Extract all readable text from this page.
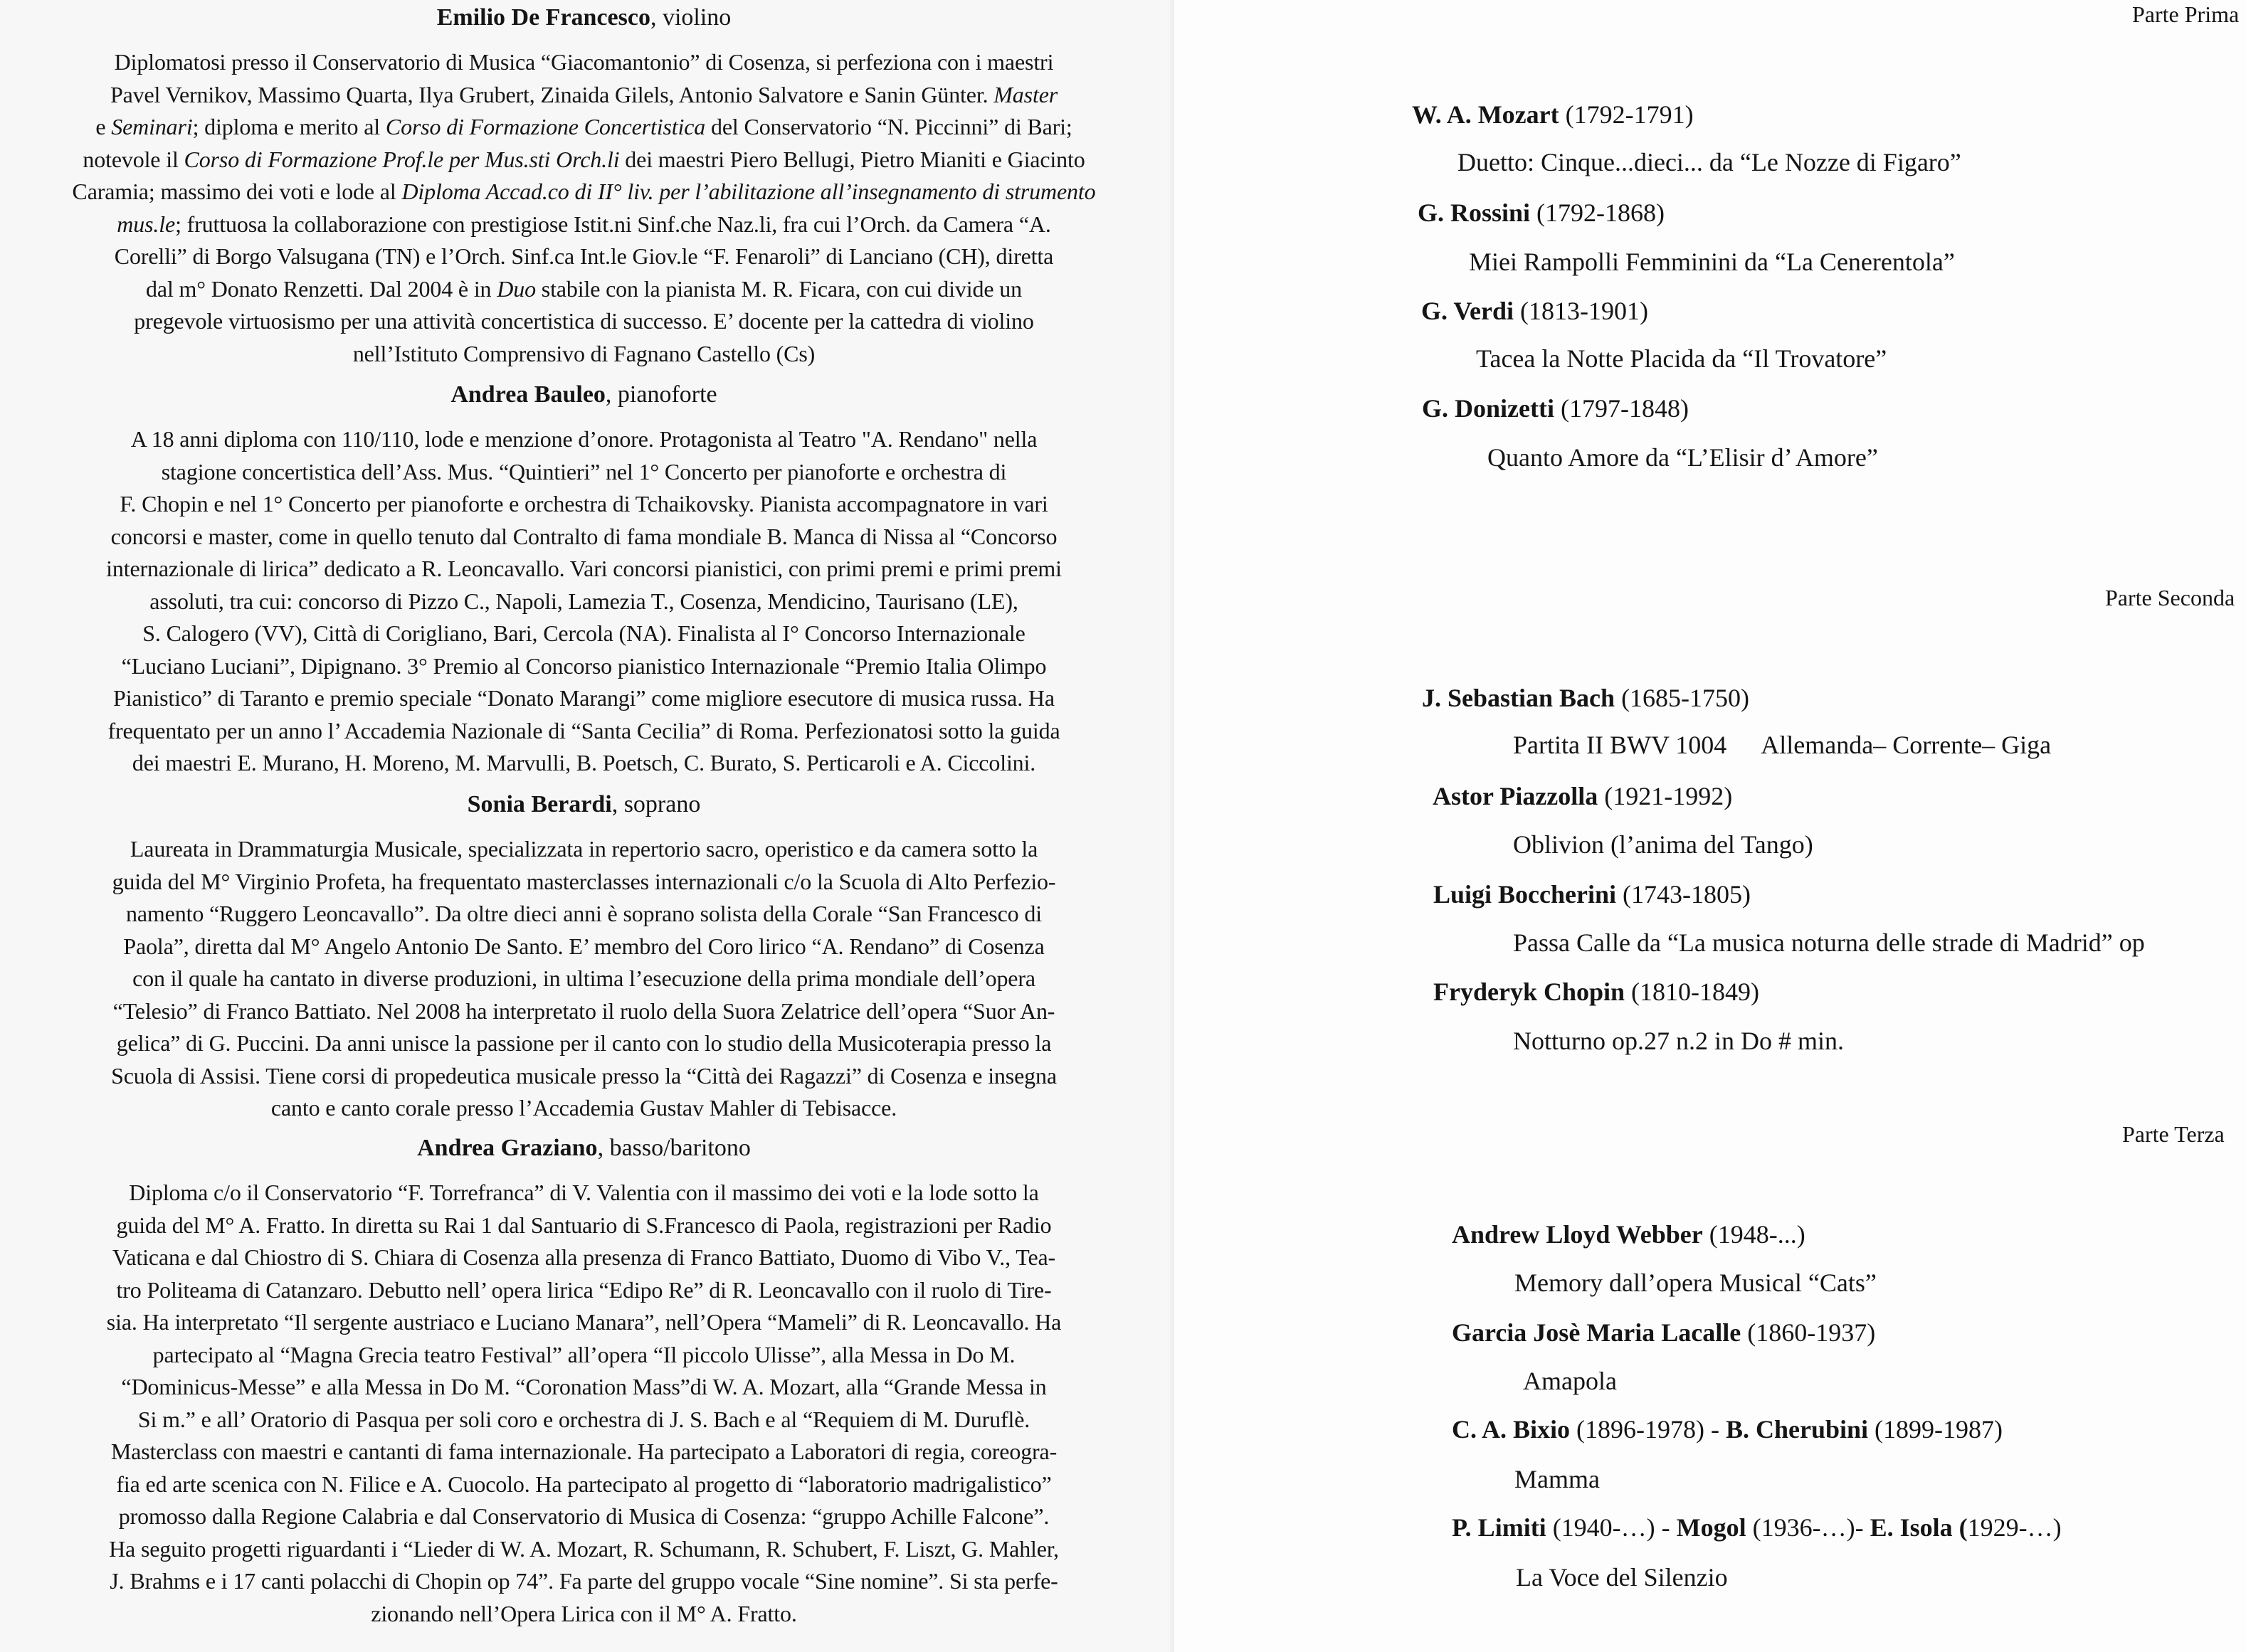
Emilio De Francesco, violino

Diplomatosi presso il Conservatorio di Musica “Giacomantonio” di Cosenza, si perfeziona con i maestri
Pavel Vernikov, Massimo Quarta, Ilya Grubert, Zinaida Gilels, Antonio Salvatore e Sanin Günter. Master
e Seminari; diploma e merito al Corso di Formazione Concertistica del Conservatorio “N. Piccinni” di Bari;
notevole il Corso di Formazione Prof.le per Mus.sti Orch.li dei maestri Piero Bellugi, Pietro Mianiti e Giacinto
Caramia; massimo dei voti e lode al Diploma Accad.co di II° liv. per l’abilitazione all’insegnamento di strumento
mus.le; fruttuosa la collaborazione con prestigiose Istit.ni Sinf.che Naz.li, fra cui l’Orch. da Camera “A.
Corelli” di Borgo Valsugana (TN) e l’Orch. Sinf.ca Int.le Giov.le “F. Fenaroli” di Lanciano (CH), diretta
dal m° Donato Renzetti. Dal 2004 è in Duo stabile con la pianista M. R. Ficara, con cui divide un
pregevole virtuosismo per una attività concertistica di successo. E’ docente per la cattedra di violino
nell’Istituto Comprensivo di Fagnano Castello (Cs)

Andrea Bauleo, pianoforte

A 18 anni diploma con 110/110, lode e menzione d’onore. Protagonista al Teatro "A. Rendano" nella
stagione concertistica dell’Ass. Mus. “Quintieri” nel 1° Concerto per pianoforte e orchestra di
F. Chopin e nel 1° Concerto per pianoforte e orchestra di Tchaikovsky. Pianista accompagnatore in vari
concorsi e master, come in quello tenuto dal Contralto di fama mondiale B. Manca di Nissa al “Concorso
internazionale di lirica” dedicato a R. Leoncavallo. Vari concorsi pianistici, con primi premi e primi premi
assoluti, tra cui: concorso di Pizzo C., Napoli, Lamezia T., Cosenza, Mendicino, Taurisano (LE),
S. Calogero (VV), Città di Corigliano, Bari, Cercola (NA). Finalista al I° Concorso Internazionale
“Luciano Luciani”, Dipignano. 3° Premio al Concorso pianistico Internazionale “Premio Italia Olimpo
Pianistico” di Taranto e premio speciale “Donato Marangi” come migliore esecutore di musica russa. Ha
frequentato per un anno l’ Accademia Nazionale di “Santa Cecilia” di Roma. Perfezionatosi sotto la guida
dei maestri E. Murano, H. Moreno, M. Marvulli, B. Poetsch, C. Burato, S. Perticaroli e A. Ciccolini.

Sonia Berardi, soprano

Laureata in Drammaturgia Musicale, specializzata in repertorio sacro, operistico e da camera sotto la
guida del M° Virginio Profeta, ha frequentato masterclasses internazionali c/o la Scuola di Alto Perfezio-
namento “Ruggero Leoncavallo”. Da oltre dieci anni è soprano solista della Corale “San Francesco di
Paola”, diretta dal M° Angelo Antonio De Santo. E’ membro del Coro lirico “A. Rendano” di Cosenza
con il quale ha cantato in diverse produzioni, in ultima l’esecuzione della prima mondiale dell’opera
“Telesio” di Franco Battiato. Nel 2008 ha interpretato il ruolo della Suora Zelatrice dell’opera “Suor An-
gelica” di G. Puccini. Da anni unisce la passione per il canto con lo studio della Musicoterapia presso la
Scuola di Assisi. Tiene corsi di propedeutica musicale presso la “Città dei Ragazzi” di Cosenza e insegna
canto e canto corale presso l’Accademia Gustav Mahler di Tebisacce.

Andrea Graziano, basso/baritono

Diploma c/o il Conservatorio “F. Torrefranca” di V. Valentia con il massimo dei voti e la lode sotto la
guida del M° A. Fratto. In diretta su Rai 1 dal Santuario di S.Francesco di Paola, registrazioni per Radio
Vaticana e dal Chiostro di S. Chiara di Cosenza alla presenza di Franco Battiato, Duomo di Vibo V., Tea-
tro Politeama di Catanzaro. Debutto nell’ opera lirica “Edipo Re” di R. Leoncavallo con il ruolo di Tire-
sia. Ha interpretato “Il sergente austriaco e Luciano Manara”, nell’Opera “Mameli” di R. Leoncavallo. Ha
partecipato al “Magna Grecia teatro Festival” all’opera “Il piccolo Ulisse”, alla Messa in Do M.
“Dominicus-Messe” e alla Messa in Do M. “Coronation Mass”di W. A. Mozart, alla “Grande Messa in
Si m.” e all’ Oratorio di Pasqua per soli coro e orchestra di J. S. Bach e al “Requiem di M. Duruflè.
Masterclass con maestri e cantanti di fama internazionale. Ha partecipato a Laboratori di regia, coreogra-
fia ed arte scenica con N. Filice e A. Cuocolo. Ha partecipato al progetto di “laboratorio madrigalistico”
promosso dalla Regione Calabria e dal Conservatorio di Musica di Cosenza: “gruppo Achille Falcone”.
Ha seguito progetti riguardanti i “Lieder di W. A. Mozart, R. Schumann, R. Schubert, F. Liszt, G. Mahler,
J. Brahms e i 17 canti polacchi di Chopin op 74”. Fa parte del gruppo vocale “Sine nomine”. Si sta perfe-
zionando nell’Opera Lirica con il M° A. Fratto.

Parte Prima
W. A. Mozart (1792-1791)
Duetto: Cinque...dieci... da “Le Nozze di Figaro”
G. Rossini (1792-1868)
Miei Rampolli Femminini da “La Cenerentola”
G. Verdi (1813-1901)
Tacea la Notte Placida da “Il Trovatore”
G. Donizetti (1797-1848)
Quanto Amore da “L’Elisir d’ Amore”
Parte Seconda
J. Sebastian Bach (1685-1750)
Partita II BWV 1004 Allemanda– Corrente– Giga
Astor Piazzolla (1921-1992)
Oblivion (l’anima del Tango)
Luigi Boccherini (1743-1805)
Passa Calle da “La musica noturna delle strade di Madrid” op
Fryderyk Chopin (1810-1849)
Notturno op.27 n.2 in Do # min.
Parte Terza
Andrew Lloyd Webber (1948-...)
Memory dall’opera Musical “Cats”
Garcia Josè Maria Lacalle (1860-1937)
Amapola
C. A. Bixio (1896-1978) - B. Cherubini (1899-1987)
Mamma
P. Limiti (1940-…) - Mogol (1936-…)- E. Isola (1929-…)
La Voce del Silenzio
